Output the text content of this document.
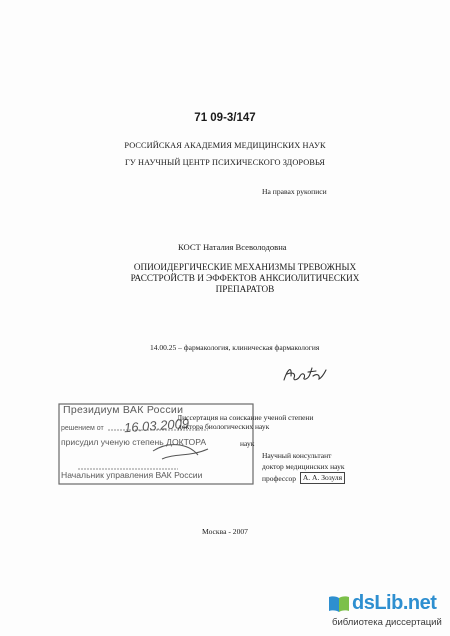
71 09-3/147
РОССИЙСКАЯ АКАДЕМИЯ МЕДИЦИНСКИХ НАУК
ГУ НАУЧНЫЙ ЦЕНТР ПСИХИЧЕСКОГО ЗДОРОВЬЯ
На правах рукописи
КОСТ Наталия Всеволодовна
ОПИОИДЕРГИЧЕСКИЕ МЕХАНИЗМЫ ТРЕВОЖНЫХ
РАССТРОЙСТВ И ЭФФЕКТОВ АНКСИОЛИТИЧЕСКИХ
ПРЕПАРАТОВ
14.00.25 – фармакология, клиническая фармакология
Президиум ВАК России
решением от 16.03.2009
присудил ученую степень ДОКТОРА
Начальник управления ВАК России
Диссертация на соискание ученой степени
доктора биологических наук
наук
Научный консультант
доктор медицинских наук
профессор А. А. Зозуля
Москва - 2007
dsLib.net
библиотека диссертаций
